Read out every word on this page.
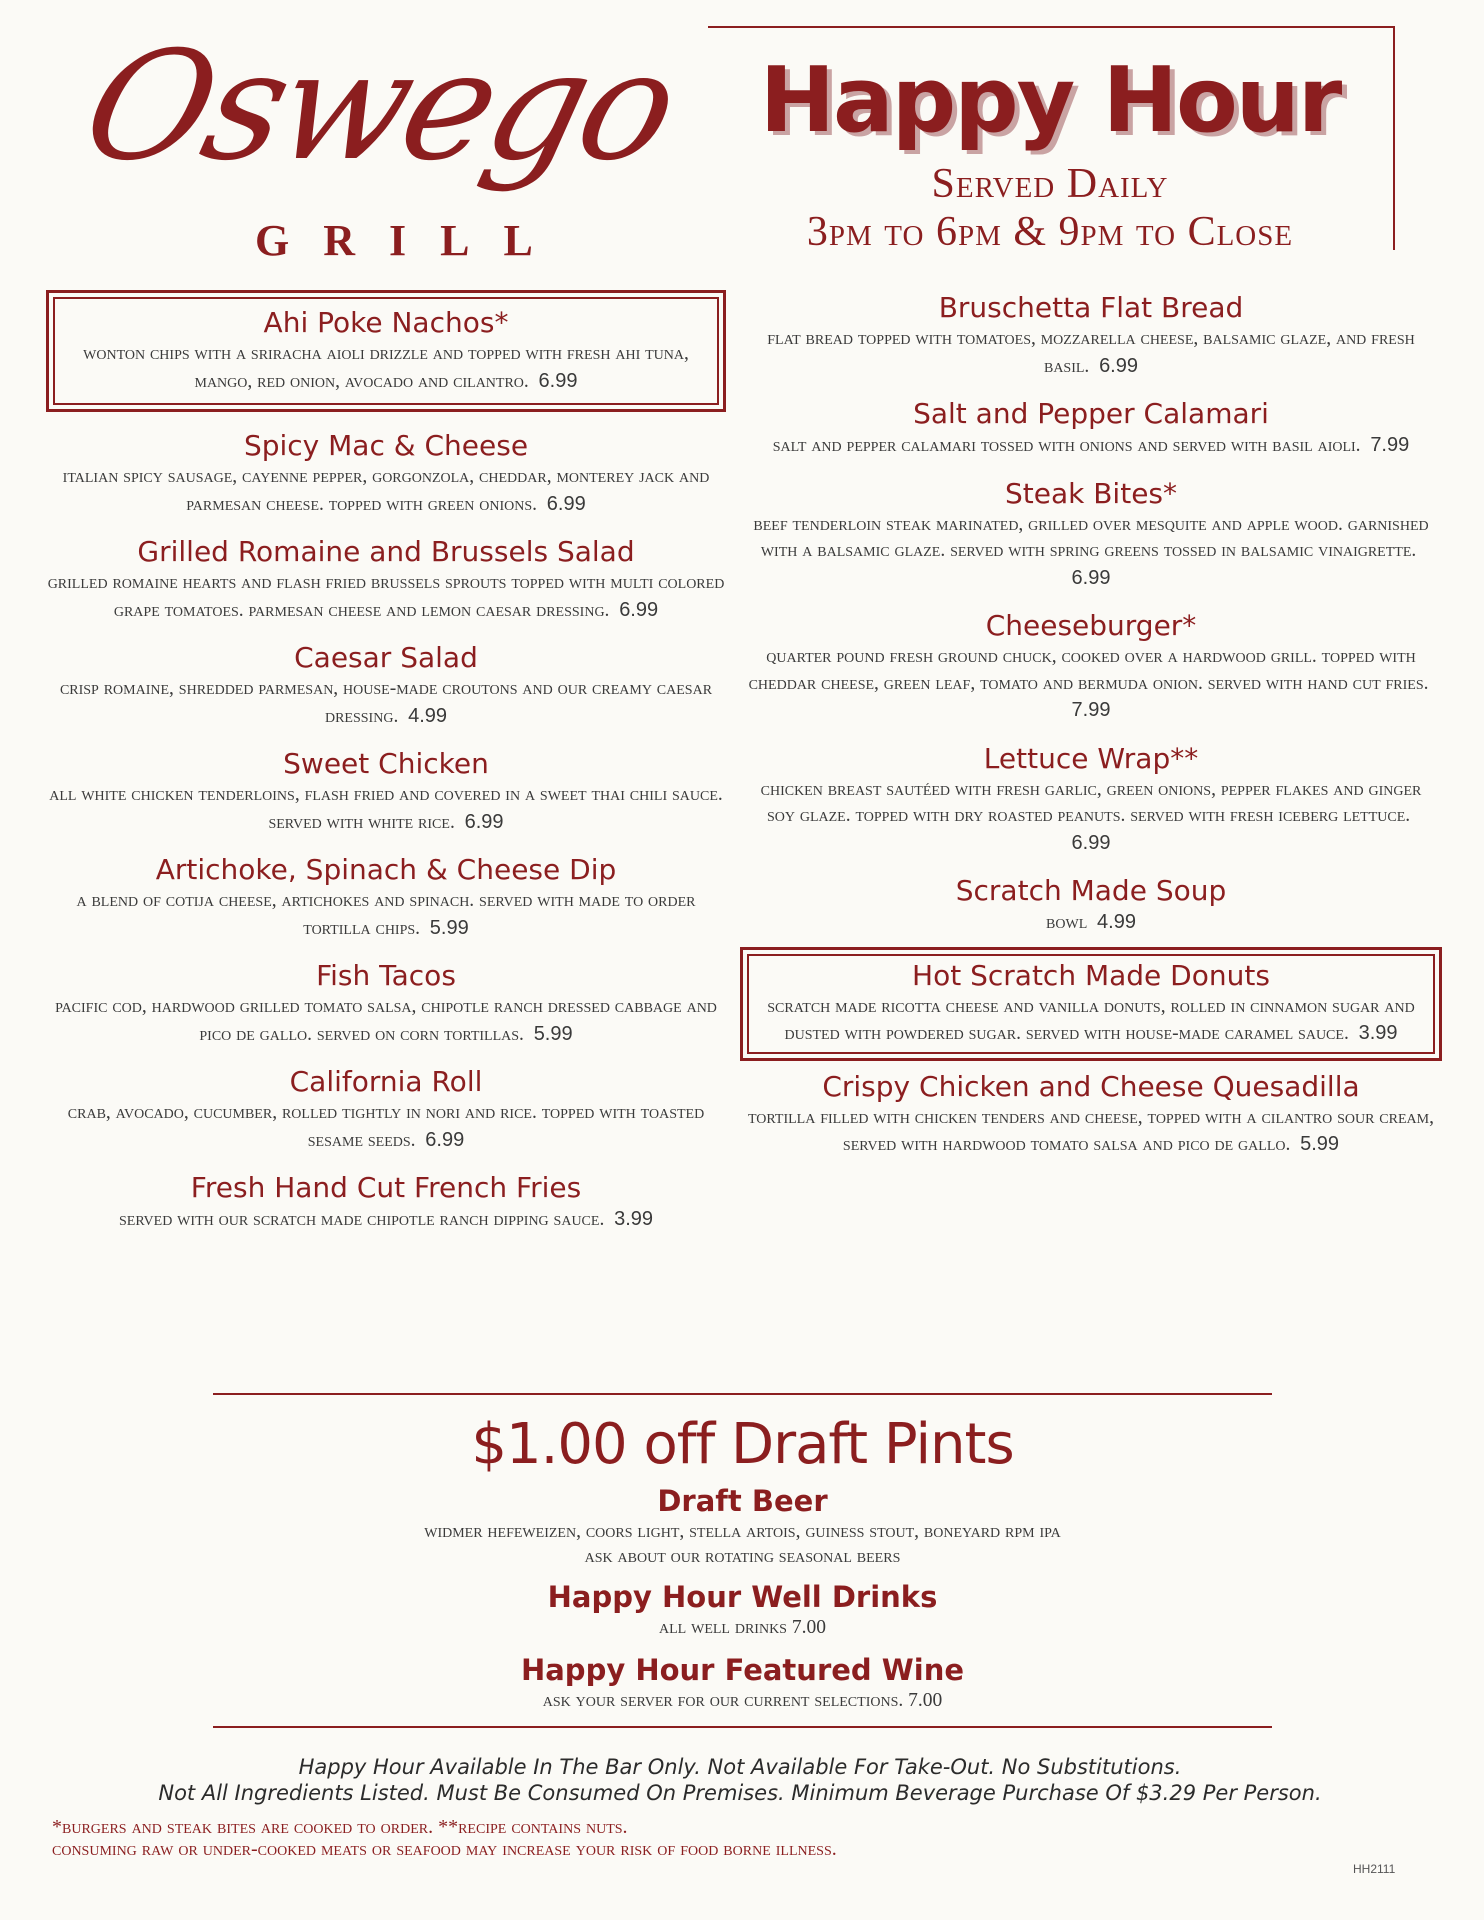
Oswego
GRILL
Happy Hour
Served Daily
3pm to 6pm & 9pm to Close
Ahi Poke Nachos*

wonton chips with a sriracha aioli drizzle and topped with fresh ahi tuna, mango, red onion, avocado and cilantro. 6.99

Spicy Mac & Cheese

italian spicy sausage, cayenne pepper, gorgonzola, cheddar, monterey jack and parmesan cheese. topped with green onions. 6.99

Grilled Romaine and Brussels Salad

grilled romaine hearts and flash fried brussels sprouts topped with multi colored grape tomatoes. parmesan cheese and lemon caesar dressing. 6.99

Caesar Salad

crisp romaine, shredded parmesan, house-made croutons and our creamy caesar dressing. 4.99

Sweet Chicken

all white chicken tenderloins, flash fried and covered in a sweet thai chili sauce. served with white rice. 6.99

Artichoke, Spinach & Cheese Dip

a blend of cotija cheese, artichokes and spinach. served with made to order tortilla chips. 5.99

Fish Tacos

pacific cod, hardwood grilled tomato salsa, chipotle ranch dressed cabbage and pico de gallo. served on corn tortillas. 5.99

California Roll

crab, avocado, cucumber, rolled tightly in nori and rice. topped with toasted sesame seeds. 6.99

Fresh Hand Cut French Fries

served with our scratch made chipotle ranch dipping sauce. 3.99

Bruschetta Flat Bread

flat bread topped with tomatoes, mozzarella cheese, balsamic glaze, and fresh basil. 6.99

Salt and Pepper Calamari

salt and pepper calamari tossed with onions and served with basil aioli. 7.99

Steak Bites*

beef tenderloin steak marinated, grilled over mesquite and apple wood. garnished with a balsamic glaze. served with spring greens tossed in balsamic vinaigrette.  6.99

Cheeseburger*

quarter pound fresh ground chuck, cooked over a hardwood grill. topped with cheddar cheese, green leaf, tomato and bermuda onion. served with hand cut fries.  7.99

Lettuce Wrap**

chicken breast sautéed with fresh garlic, green onions, pepper flakes and ginger soy glaze. topped with dry roasted peanuts. served with fresh iceberg lettuce.  6.99

Scratch Made Soup

bowl 4.99

Hot Scratch Made Donuts

scratch made ricotta cheese and vanilla donuts, rolled in cinnamon sugar and dusted with powdered sugar. served with house-made caramel sauce. 3.99

Crispy Chicken and Cheese Quesadilla

tortilla filled with chicken tenders and cheese, topped with a cilantro sour cream, served with hardwood tomato salsa and pico de gallo. 5.99

$1.00 off Draft Pints
Draft Beer

widmer hefeweizen, coors light, stella artois, guiness stout, boneyard rpm ipa

ask about our rotating seasonal beers

Happy Hour Well Drinks

all well drinks 7.00

Happy Hour Featured Wine

ask your server for our current selections. 7.00

Happy Hour Available In The Bar Only. Not Available For Take-Out. No Substitutions.
Not All Ingredients Listed. Must Be Consumed On Premises. Minimum Beverage Purchase Of $3.29 Per Person.
*burgers and steak bites are cooked to order. **recipe contains nuts.
consuming raw or under-cooked meats or seafood may increase your risk of food borne illness.
HH2111
